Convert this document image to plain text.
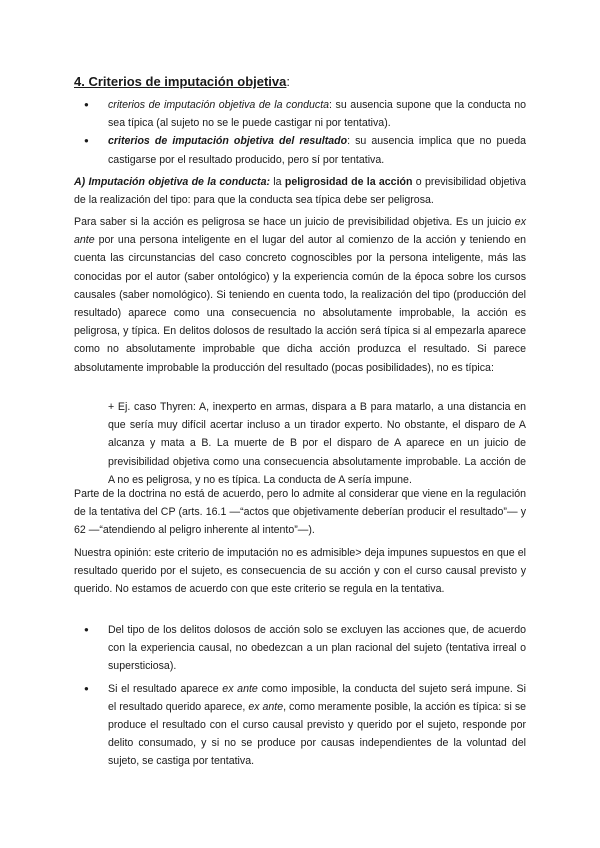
4. Criterios de imputación objetiva:
● criterios de imputación objetiva de la conducta: su ausencia supone que la conducta no sea típica (al sujeto no se le puede castigar ni por tentativa).
● criterios de imputación objetiva del resultado: su ausencia implica que no pueda castigarse por el resultado producido, pero sí por tentativa.
A) Imputación objetiva de la conducta: la peligrosidad de la acción o previsibilidad objetiva de la realización del tipo: para que la conducta sea típica debe ser peligrosa.
Para saber si la acción es peligrosa se hace un juicio de previsibilidad objetiva. Es un juicio ex ante por una persona inteligente en el lugar del autor al comienzo de la acción y teniendo en cuenta las circunstancias del caso concreto cognoscibles por la persona inteligente, más las conocidas por el autor (saber ontológico) y la experiencia común de la época sobre los cursos causales (saber nomológico). Si teniendo en cuenta todo, la realización del tipo (producción del resultado) aparece como una consecuencia no absolutamente improbable, la acción es peligrosa, y típica. En delitos dolosos de resultado la acción será típica si al empezarla aparece como no absolutamente improbable que dicha acción produzca el resultado. Si parece absolutamente improbable la producción del resultado (pocas posibilidades), no es típica:
+ Ej. caso Thyren: A, inexperto en armas, dispara a B para matarlo, a una distancia en que sería muy difícil acertar incluso a un tirador experto. No obstante, el disparo de A alcanza y mata a B. La muerte de B por el disparo de A aparece en un juicio de previsibilidad objetiva como una consecuencia absolutamente improbable. La acción de A no es peligrosa, y no es típica. La conducta de A sería impune.
Parte de la doctrina no está de acuerdo, pero lo admite al considerar que viene en la regulación de la tentativa del CP (arts. 16.1 —“actos que objetivamente deberían producir el resultado”— y 62 —“atendiendo al peligro inherente al intento”—).
Nuestra opinión: este criterio de imputación no es admisible> deja impunes supuestos en que el resultado querido por el sujeto, es consecuencia de su acción y con el curso causal previsto y querido. No estamos de acuerdo con que este criterio se regula en la tentativa.
● Del tipo de los delitos dolosos de acción solo se excluyen las acciones que, de acuerdo con la experiencia causal, no obedezcan a un plan racional del sujeto (tentativa irreal o supersticiosa).
● Si el resultado aparece ex ante como imposible, la conducta del sujeto será impune. Si el resultado querido aparece, ex ante, como meramente posible, la acción es típica: si se produce el resultado con el curso causal previsto y querido por el sujeto, responde por delito consumado, y si no se produce por causas independientes de la voluntad del sujeto, se castiga por tentativa.
